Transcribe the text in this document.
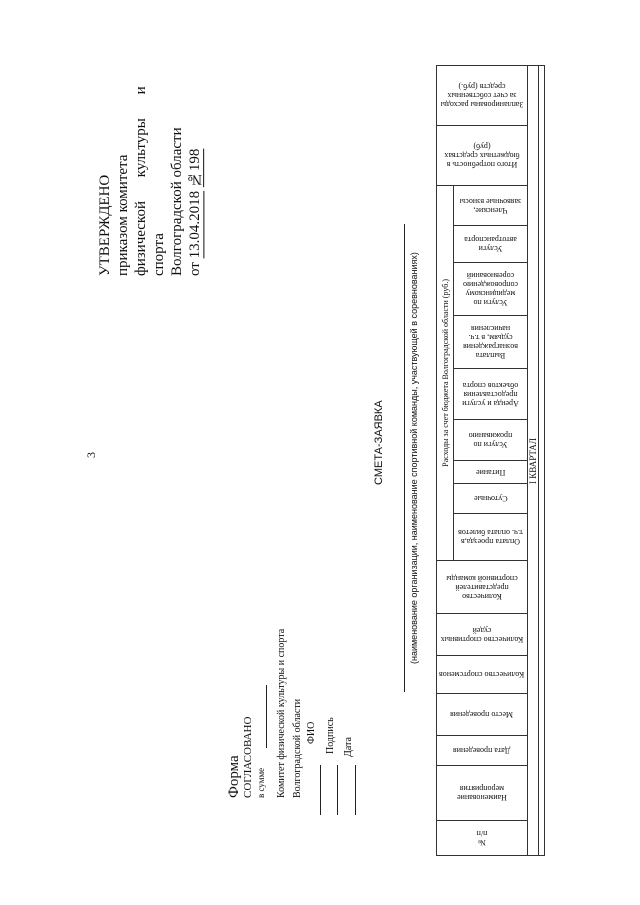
3
УТВЕРЖДЕНО приказом комитета физической культуры и спорта Волгоградской области от 13.04.2018 №198
Форма СОГЛАСОВАНО в сумме Комитет физической культуры и спорта Волгоградской области ФИО Подпись Дата
СМЕТА-ЗАЯВКА	(наименование организации, наименование спортивной команды, участвующей в соревнованиях)
Запланированы расходы за счет собственных средств (руб.)
Итого потребность в бюджетных средствах (руб)
Расходы за счет бюджета Волгоградской области (руб.)
Членские, заявочные взносы
Услуги автотранспорта
Услуги по медицинскому сопровождению соревнований
Выплата вознаграждения судьям, в т.ч. начисления
Аренда и услуги предоставления объектов спорта
Услуги по проживанию
Питание
Суточные
Оплата проезда,в т.ч. оплата билетов
Количество представителей спортивной команды
Количество спортивных судей
Количество спортсменов
Место проведения
Дата проведения
Наименование мероприятия
№ п/п
I КВАРТАЛ
